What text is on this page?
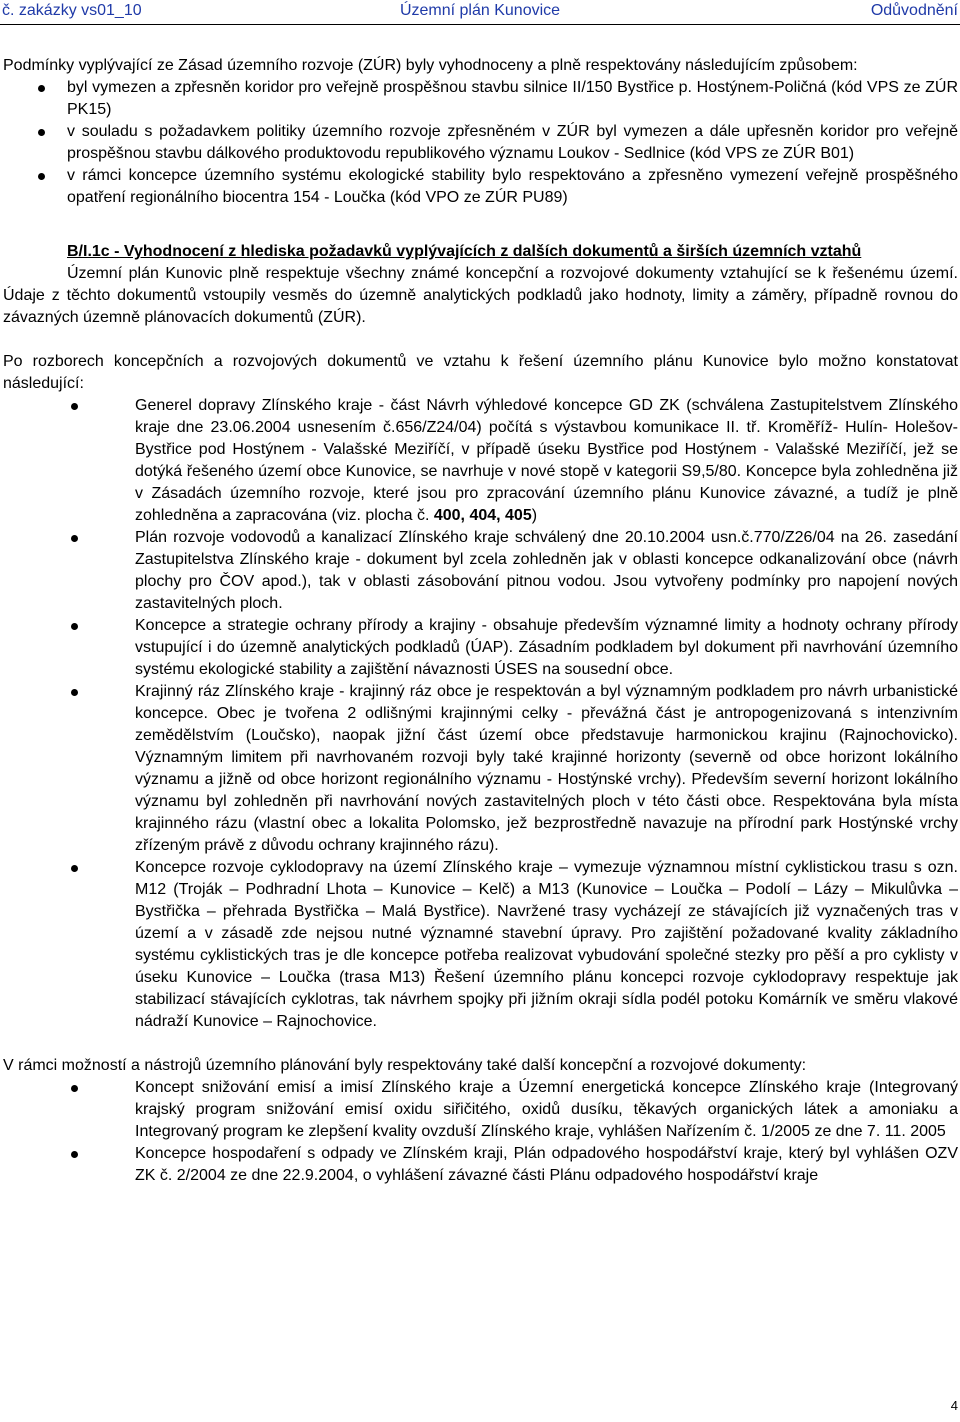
č. zakázky vs01_10	Územní plán Kunovice	Odůvodnění

Podmínky vyplývající ze Zásad územního rozvoje (ZÚR) byly vyhodnoceny a plně respektovány následujícím způsobem:

byl vymezen a zpřesněn koridor pro veřejně prospěšnou stavbu silnice II/150 Bystřice p. Hostýnem-Poličná (kód VPS ze ZÚR PK15)
v souladu s požadavkem politiky územního rozvoje zpřesněném v ZÚR byl vymezen a dále upřesněn koridor pro veřejně prospěšnou stavbu dálkového produktovodu republikového významu Loukov - Sedlnice (kód VPS ze ZÚR B01)
v rámci koncepce územního systému ekologické stability bylo respektováno a zpřesněno vymezení veřejně prospěšného opatření regionálního biocentra 154 - Loučka (kód VPO ze ZÚR PU89)

B/I.1c - Vyhodnocení z hlediska požadavků vyplývajících z dalších dokumentů a širších územních vztahů

Územní plán Kunovic plně respektuje všechny známé koncepční a rozvojové dokumenty vztahující se k řešenému území. Údaje z těchto dokumentů vstoupily vesměs do územně analytických podkladů jako hodnoty, limity a záměry, případně rovnou do závazných územně plánovacích dokumentů (ZÚR).

Po rozborech koncepčních a rozvojových dokumentů ve vztahu k řešení územního plánu Kunovice bylo možno konstatovat následující:

Generel dopravy Zlínského kraje - část Návrh výhledové koncepce GD ZK (schválena Zastupitelstvem Zlínského kraje dne 23.06.2004 usnesením č.656/Z24/04) počítá s výstavbou komunikace II. tř. Kroměříž- Hulín- Holešov- Bystřice pod Hostýnem - Valašské Meziříčí, v případě úseku Bystřice pod Hostýnem - Valašské Meziříčí, jež se dotýká řešeného území obce Kunovice, se navrhuje v nové stopě v kategorii S9,5/80. Koncepce byla zohledněna již v Zásadách územního rozvoje, které jsou pro zpracování územního plánu Kunovice závazné, a tudíž je plně zohledněna a zapracována (viz. plocha č. 400, 404, 405)
Plán rozvoje vodovodů a kanalizací Zlínského kraje schválený dne 20.10.2004 usn.č.770/Z26/04 na 26. zasedání Zastupitelstva Zlínského kraje - dokument byl zcela zohledněn jak v oblasti koncepce odkanalizování obce (návrh plochy pro ČOV apod.), tak v oblasti zásobování pitnou vodou. Jsou vytvořeny podmínky pro napojení nových zastavitelných ploch.
Koncepce a strategie ochrany přírody a krajiny - obsahuje především významné limity a hodnoty ochrany přírody vstupující i do územně analytických podkladů (ÚAP). Zásadním podkladem byl dokument při navrhování územního systému ekologické stability a zajištění návaznosti ÚSES na sousední obce.
Krajinný ráz Zlínského kraje - krajinný ráz obce je respektován a byl významným podkladem pro návrh urbanistické koncepce. Obec je tvořena 2 odlišnými krajinnými celky - převážná část je antropogenizovaná s intenzivním zemědělstvím (Loučsko), naopak jižní část území obce představuje harmonickou krajinu (Rajnochovicko). Významným limitem při navrhovaném rozvoji byly také krajinné horizonty (severně od obce horizont lokálního významu a jižně od obce horizont regionálního významu - Hostýnské vrchy). Především severní horizont lokálního významu byl zohledněn při navrhování nových zastavitelných ploch v této části obce. Respektována byla místa krajinného rázu (vlastní obec a lokalita Polomsko, jež bezprostředně navazuje na přírodní park Hostýnské vrchy zřízeným právě z důvodu ochrany krajinného rázu).
Koncepce rozvoje cyklodopravy na území Zlínského kraje – vymezuje významnou místní cyklistickou trasu s ozn. M12 (Troják – Podhradní Lhota – Kunovice – Kelč) a M13 (Kunovice – Loučka – Podolí – Lázy – Mikulůvka – Bystřička – přehrada Bystřička – Malá Bystřice). Navržené trasy vycházejí ze stávajících již vyznačených tras v území a v zásadě zde nejsou nutné významné stavební úpravy. Pro zajištění požadované kvality základního systému cyklistických tras je dle koncepce potřeba realizovat vybudování společné stezky pro pěší a pro cyklisty v úseku Kunovice – Loučka (trasa M13) Řešení územního plánu koncepci rozvoje cyklodopravy respektuje jak stabilizací stávajících cyklotras, tak návrhem spojky při jižním okraji sídla podél potoku Komárník ve směru vlakové nádraží Kunovice – Rajnochovice.

V rámci možností a nástrojů územního plánování byly respektovány také další koncepční a rozvojové dokumenty:

Koncept snižování emisí a imisí Zlínského kraje a Územní energetická koncepce Zlínského kraje (Integrovaný krajský program snižování emisí oxidu siřičitého, oxidů dusíku, těkavých organických látek a amoniaku a Integrovaný program ke zlepšení kvality ovzduší Zlínského kraje, vyhlášen Nařízením č. 1/2005 ze dne 7. 11. 2005
Koncepce hospodaření s odpady ve Zlínském kraji, Plán odpadového hospodářství kraje, který byl vyhlášen OZV ZK č. 2/2004 ze dne 22.9.2004, o vyhlášení závazné části Plánu odpadového hospodářství kraje
4
